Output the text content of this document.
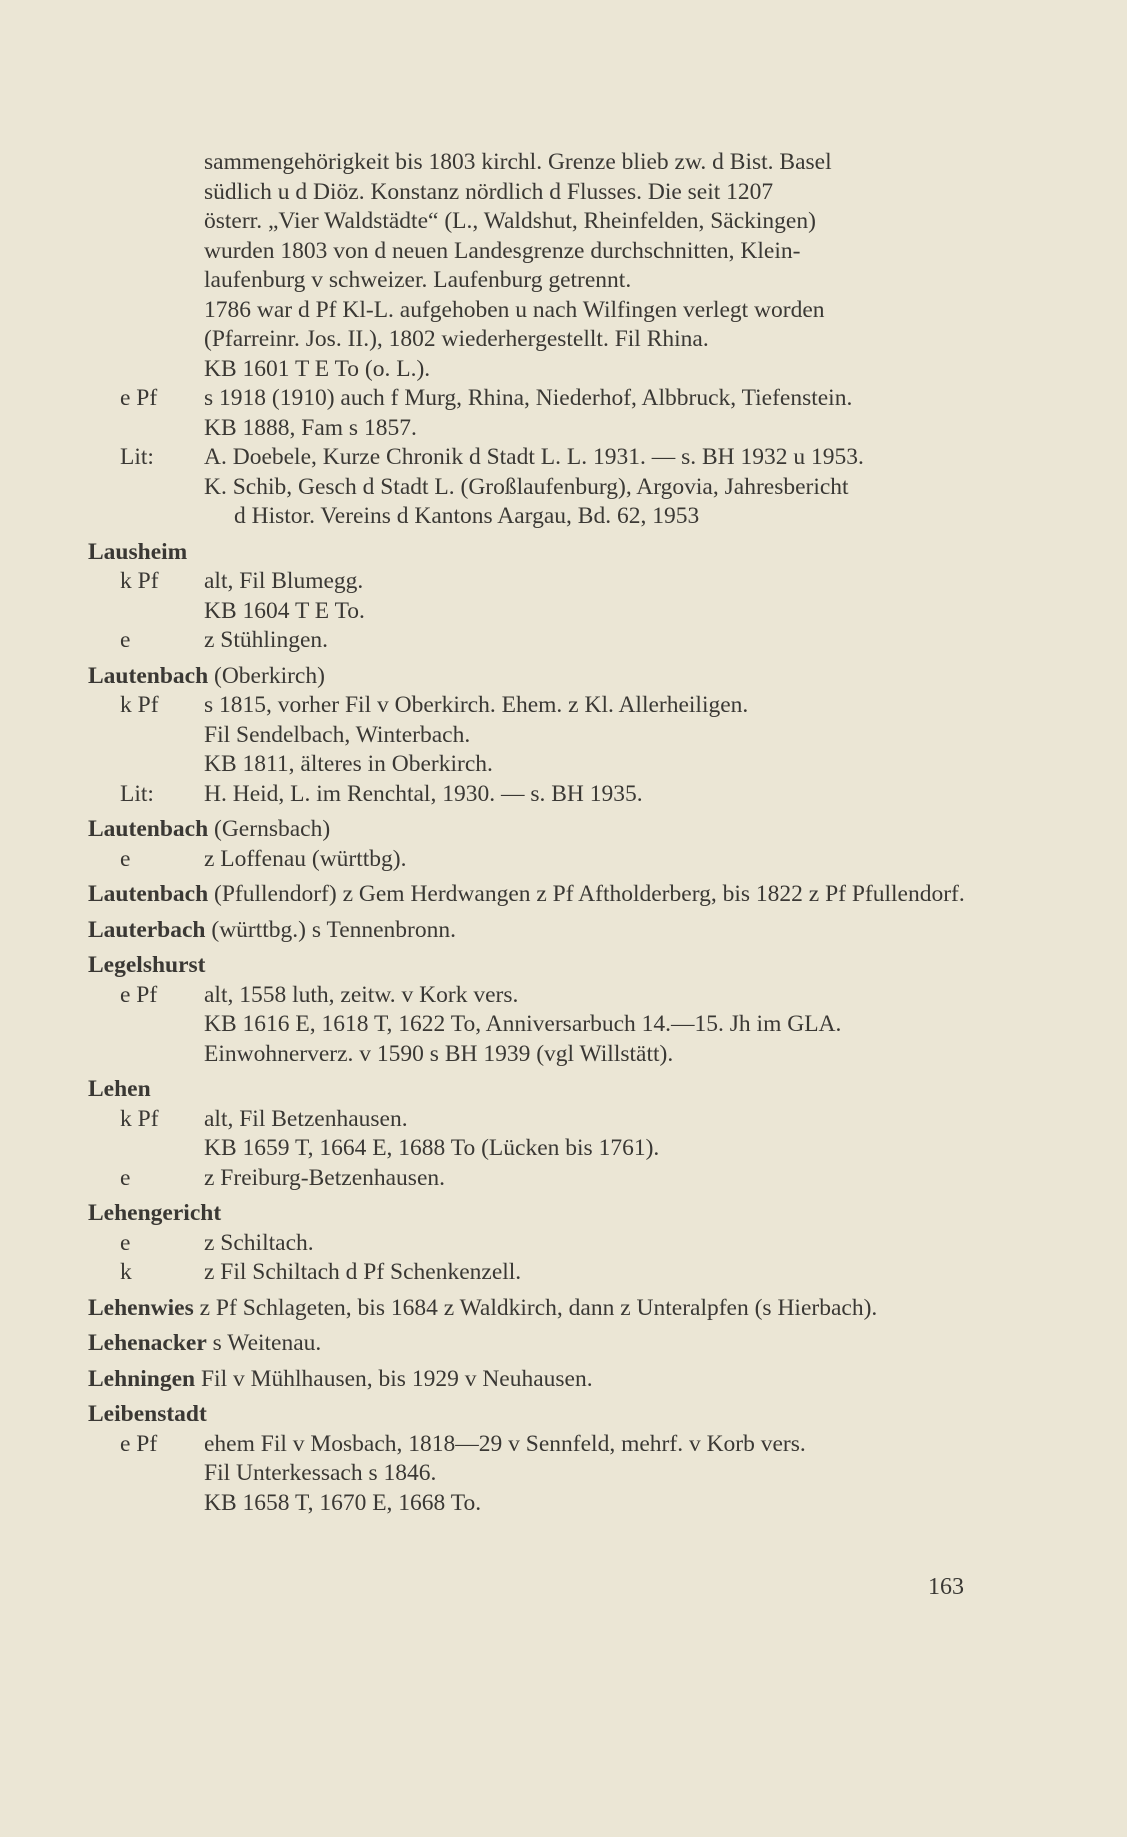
sammengehörigkeit bis 1803 kirchl. Grenze blieb zw. d Bist. Basel
südlich u d Diöz. Konstanz nördlich d Flusses. Die seit 1207
österr. „Vier Waldstädte“ (L., Waldshut, Rheinfelden, Säckingen)
wurden 1803 von d neuen Landesgrenze durchschnitten, Klein-
laufenburg v schweizer. Laufenburg getrennt.
1786 war d Pf Kl-L. aufgehoben u nach Wilfingen verlegt worden
(Pfarreinr. Jos. II.), 1802 wiederhergestellt. Fil Rhina.
KB 1601 T E To (o. L.).
e Pf	s 1918 (1910) auch f Murg, Rhina, Niederhof, Albbruck, Tiefenstein.
KB 1888, Fam s 1857.
Lit:	A. Doebele, Kurze Chronik d Stadt L. L. 1931. — s. BH 1932 u 1953.
K. Schib, Gesch d Stadt L. (Großlaufenburg), Argovia, Jahresbericht
d Histor. Vereins d Kantons Aargau, Bd. 62, 1953
Lausheim
k Pf	alt, Fil Blumegg.
KB 1604 T E To.
e	z Stühlingen.
Lautenbach (Oberkirch)
k Pf	s 1815, vorher Fil v Oberkirch. Ehem. z Kl. Allerheiligen.
Fil Sendelbach, Winterbach.
KB 1811, älteres in Oberkirch.
Lit:	H. Heid, L. im Renchtal, 1930. — s. BH 1935.
Lautenbach (Gernsbach)
e	z Loffenau (württbg).
Lautenbach (Pfullendorf) z Gem Herdwangen z Pf Aftholderberg, bis 1822 z Pf Pfullendorf.
Lauterbach (württbg.) s Tennenbronn.
Legelshurst
e Pf	alt, 1558 luth, zeitw. v Kork vers.
KB 1616 E, 1618 T, 1622 To, Anniversarbuch 14.—15. Jh im GLA.
Einwohnerverz. v 1590 s BH 1939 (vgl Willstätt).
Lehen
k Pf	alt, Fil Betzenhausen.
KB 1659 T, 1664 E, 1688 To (Lücken bis 1761).
e	z Freiburg-Betzenhausen.
Lehengericht
e	z Schiltach.
k	z Fil Schiltach d Pf Schenkenzell.
Lehenwies z Pf Schlageten, bis 1684 z Waldkirch, dann z Unteralpfen (s Hierbach).
Lehenacker s Weitenau.
Lehningen Fil v Mühlhausen, bis 1929 v Neuhausen.
Leibenstadt
e Pf	ehem Fil v Mosbach, 1818—29 v Sennfeld, mehrf. v Korb vers.
Fil Unterkessach s 1846.
KB 1658 T, 1670 E, 1668 To.
163
